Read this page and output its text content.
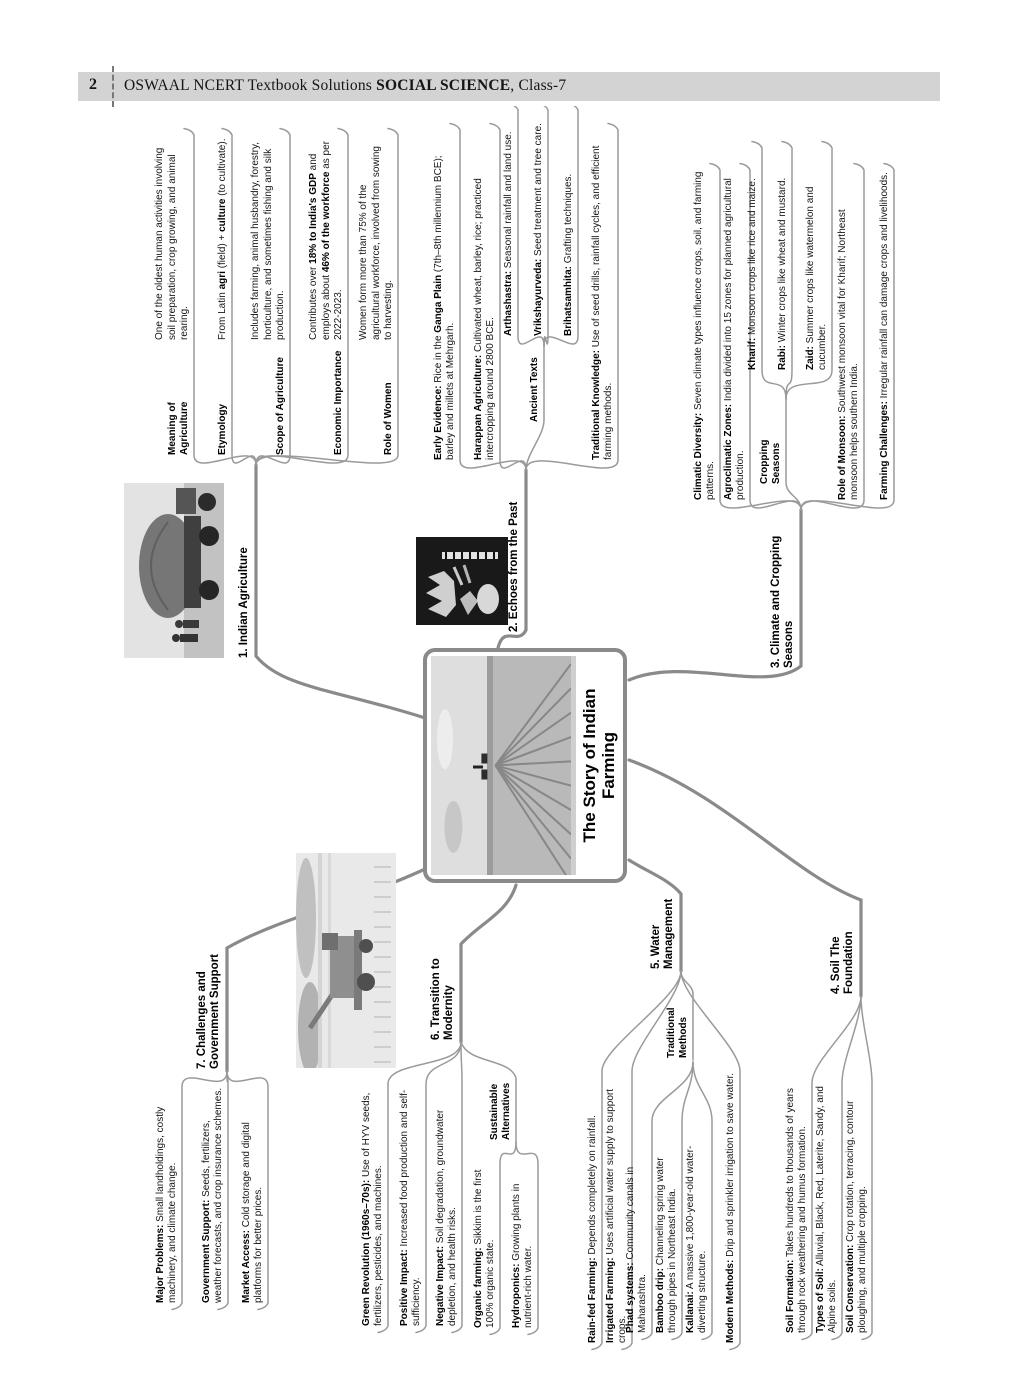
2 OSWAAL NCERT Textbook Solutions SOCIAL SCIENCE, Class-7
The Story of Indian Farming
1. Indian Agriculture
Meaning of Agriculture
One of the oldest human activities involving soil preparation, crop growing, and animal rearing.
Etymology
From Latin agri (field) + culture (to cultivate).
Scope of Agriculture
Includes farming, animal husbandry, forestry, horticulture, and sometimes fishing and silk production.
Economic Importance
Contributes over 18% to India's GDP and employs about 46% of the workforce as per 2022-2023.
Role of Women
Women form more than 75% of the agricultural workforce, involved from sowing to harvesting.
2. Echoes from the Past
Early Evidence: Rice in the Ganga Plain (7th–8th millennium BCE); barley and millets at Mehrgarh. Harappan Agriculture: Cultivated wheat, barley, rice; practiced intercropping around 2800 BCE.	Ancient Texts
Arthashastra: Seasonal rainfall and land use.
Vrikshayurveda: Seed treatment and tree care.
Brihatsamhita: Grafting techniques.
Traditional Knowledge: Use of seed drills, rainfall cycles, and efficient farming methods.
3. Climate and Cropping Seasons
Climatic Diversity: Seven climate types influence crops, soil, and farming patterns. Agroclimatic Zones: India divided into 15 zones for planned agricultural production. Cropping Seasons
Kharif: Monsoon crops like rice and maize.
Rabi: Winter crops like wheat and mustard.
Zaid: Summer crops like watermelon and cucumber.
Role of Monsoon: Southwest monsoon vital for Kharif; Northeast monsoon helps southern India. Farming Challenges: Irregular rainfall can damage crops and livelihoods.
4. Soil The Foundation
Soil Formation: Takes hundreds to thousands of years through rock weathering and humus formation. Types of Soil: Alluvial, Black, Red, Laterite, Sandy, and Alpine soils. Soil Conservation: Crop rotation, terracing, contour ploughing, and multiple cropping.
5. Water Management
Rain-fed Farming: Depends completely on rainfall.
Irrigated Farming: Uses artificial water supply to support crops.
Traditional Methods
Phad systems: Community canals in Maharashtra. Bamboo drip: Channeling spring water through pipes in Northeast India. Kallanai: A massive 1,800-year-old water-diverting structure. Modern Methods: Drip and sprinkler irrigation to save water.
6. Transition to Modernity
Green Revolution (1960s–70s): Use of HYV seeds, fertilizers, pesticides, and machines. Positive Impact: Increased food production and self-sufficiency. Negative Impact: Soil degradation, groundwater depletion, and health risks.
Sustainable Alternatives
Organic farming: Sikkim is the first 100% organic state. Hydroponics: Growing plants in nutrient-rich water.
7. Challenges and Government Support
Major Problems: Small landholdings, costly machinery, and climate change. Government Support: Seeds, fertilizers, weather forecasts, and crop insurance schemes. Market Access: Cold storage and digital platforms for better prices.
